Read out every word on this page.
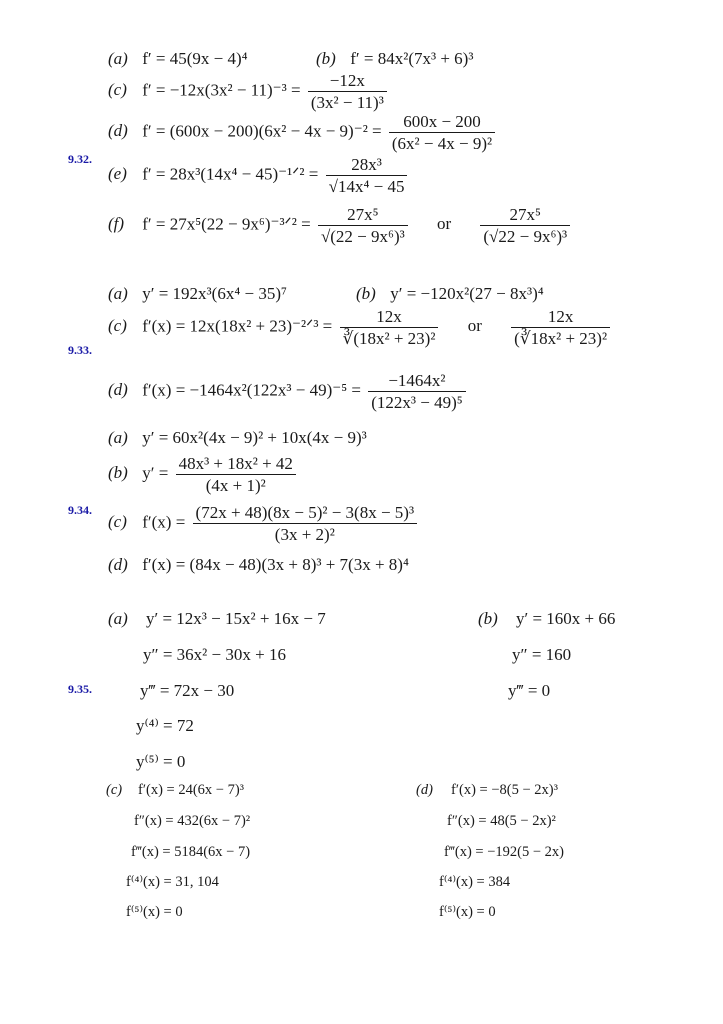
9.32.
(a) f′ = 45(9x − 4)⁴	(b) f′ = 84x²(7x³ + 6)³
(c) $f' = -12x(3x^2 - 11)^{-3} = \frac{-12x}{\text{(3x² − 11)³}}$
(d) $f' = (600x - 200)(6x^2 - 4x - 9)^{-2} = \frac{600x - 200}{\text{(6x² − 4x − 9)²}}$
(e) f′ = 28x³(14x⁴ − 45)⁻¹ᐟ² = $\frac{\text{28x³}}{\text{√14x⁴ − 45}}$
(f) f′ = 27x⁵(22 − 9x⁶)⁻³ᐟ² = $\frac{\text{27x⁵}}{\text{√(22 − 9x⁶)³}}$ or $\frac{\text{27x⁵}}{\text{(√22 − 9x⁶)³}}$
9.33.
(a) y′ = 192x³(6x⁴ − 35)⁷	(b) y′ = −120x²(27 − 8x³)⁴
(c) f′(x) = 12x(18x² + 23)⁻²ᐟ³ = $\frac{12x}{\text{∛(18x² + 23)²}}$ or $\frac{12x}{\text{(∛18x² + 23)²}}$
(d) $f'(x) = -1464x^2(122x^3 - 49)^{-5} = \frac{\text{−1464x²}}{\text{(122x³ − 49)⁵}}$
9.34.
(a) y′ = 60x²(4x − 9)² + 10x(4x − 9)³
(b) $y' = \frac{\text{48x³ + 18x² + 42}}{\text{(4x + 1)²}}$
(c) $f'(x) = \frac{\text{(72x + 48)(8x − 5)² − 3(8x − 5)³}}{\text{(3x + 2)²}}$
(d) f′(x) = (84x − 48)(3x + 8)³ + 7(3x + 8)⁴
9.35.
(a)	y′ = 12x³ − 15x² + 16x − 7
y″ = 36x² − 30x + 16
y‴ = 72x − 30
y⁽⁴⁾ = 72
y⁽⁵⁾ = 0
(b)	y′ = 160x + 66
y″ = 160
y‴ = 0
(c)	f′(x) = 24(6x − 7)³
f″(x) = 432(6x − 7)²
f‴(x) = 5184(6x − 7)
f⁽⁴⁾(x) = 31, 104
f⁽⁵⁾(x) = 0
(d)	f′(x) = −8(5 − 2x)³
f″(x) = 48(5 − 2x)²
f‴(x) = −192(5 − 2x)
f⁽⁴⁾(x) = 384
f⁽⁵⁾(x) = 0
